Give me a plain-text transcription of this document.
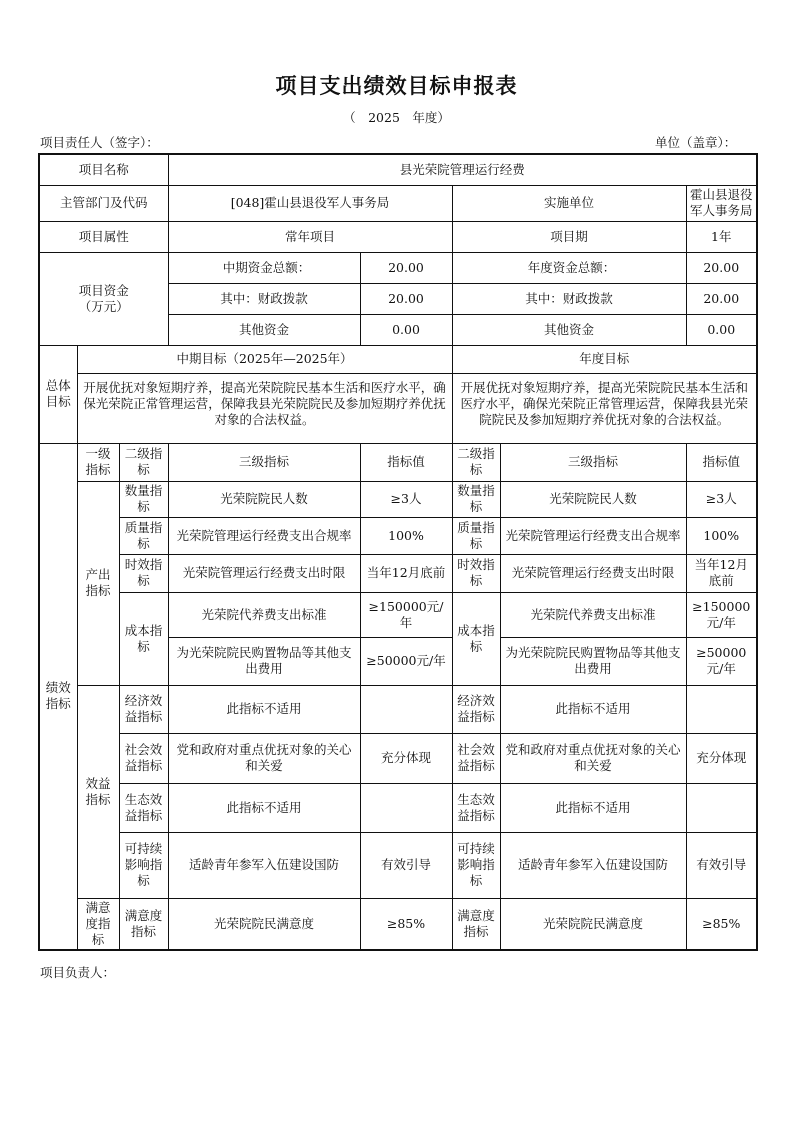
项目支出绩效目标申报表
（　2025　年度）
项目责任人（签字）：	单位（盖章）：
项目名称			县光荣院管理运行经费				
主管部门及代码			[048]霍山县退役军人事务局		实施单位		霍山县退役军人事务局
项目属性			常年项目		项目期		1年
项目资金（万元）			中期资金总额：	20.00	年度资金总额：		20.00
			其中：财政拨款	20.00	其中：财政拨款		20.00
			其他资金	0.00	其他资金		0.00
总体目标	中期目标（2025年—2025年）				年度目标		
	开展优抚对象短期疗养，提高光荣院院民基本生活和医疗水平，确保光荣院正常管理运营，保障我县光荣院院民及参加短期疗养优抚对象的合法权益。				开展优抚对象短期疗养，提高光荣院院民基本生活和医疗水平，确保光荣院正常管理运营，保障我县光荣院院民及参加短期疗养优抚对象的合法权益。		
绩效指标	一级指标	二级指标	三级指标	指标值	二级指标	三级指标	指标值
	产出指标	数量指标	光荣院院民人数	≥3人	数量指标	光荣院院民人数	≥3人
		质量指标	光荣院管理运行经费支出合规率	100%	质量指标	光荣院管理运行经费支出合规率	100%
		时效指标	光荣院管理运行经费支出时限	当年12月底前	时效指标	光荣院管理运行经费支出时限	当年12月底前
		成本指标	光荣院代养费支出标准	≥150000元/年	成本指标	光荣院代养费支出标准	≥150000元/年
			为光荣院院民购置物品等其他支出费用	≥50000元/年		为光荣院院民购置物品等其他支出费用	≥50000元/年
	效益指标	经济效益指标	此指标不适用		经济效益指标	此指标不适用	
		社会效益指标	党和政府对重点优抚对象的关心和关爱	充分体现	社会效益指标	党和政府对重点优抚对象的关心和关爱	充分体现
		生态效益指标	此指标不适用		生态效益指标	此指标不适用	
		可持续影响指标	适龄青年参军入伍建设国防	有效引导	可持续影响指标	适龄青年参军入伍建设国防	有效引导
	满意度指标	满意度指标	光荣院院民满意度	≥85%	满意度指标	光荣院院民满意度	≥85%
项目负责人：
